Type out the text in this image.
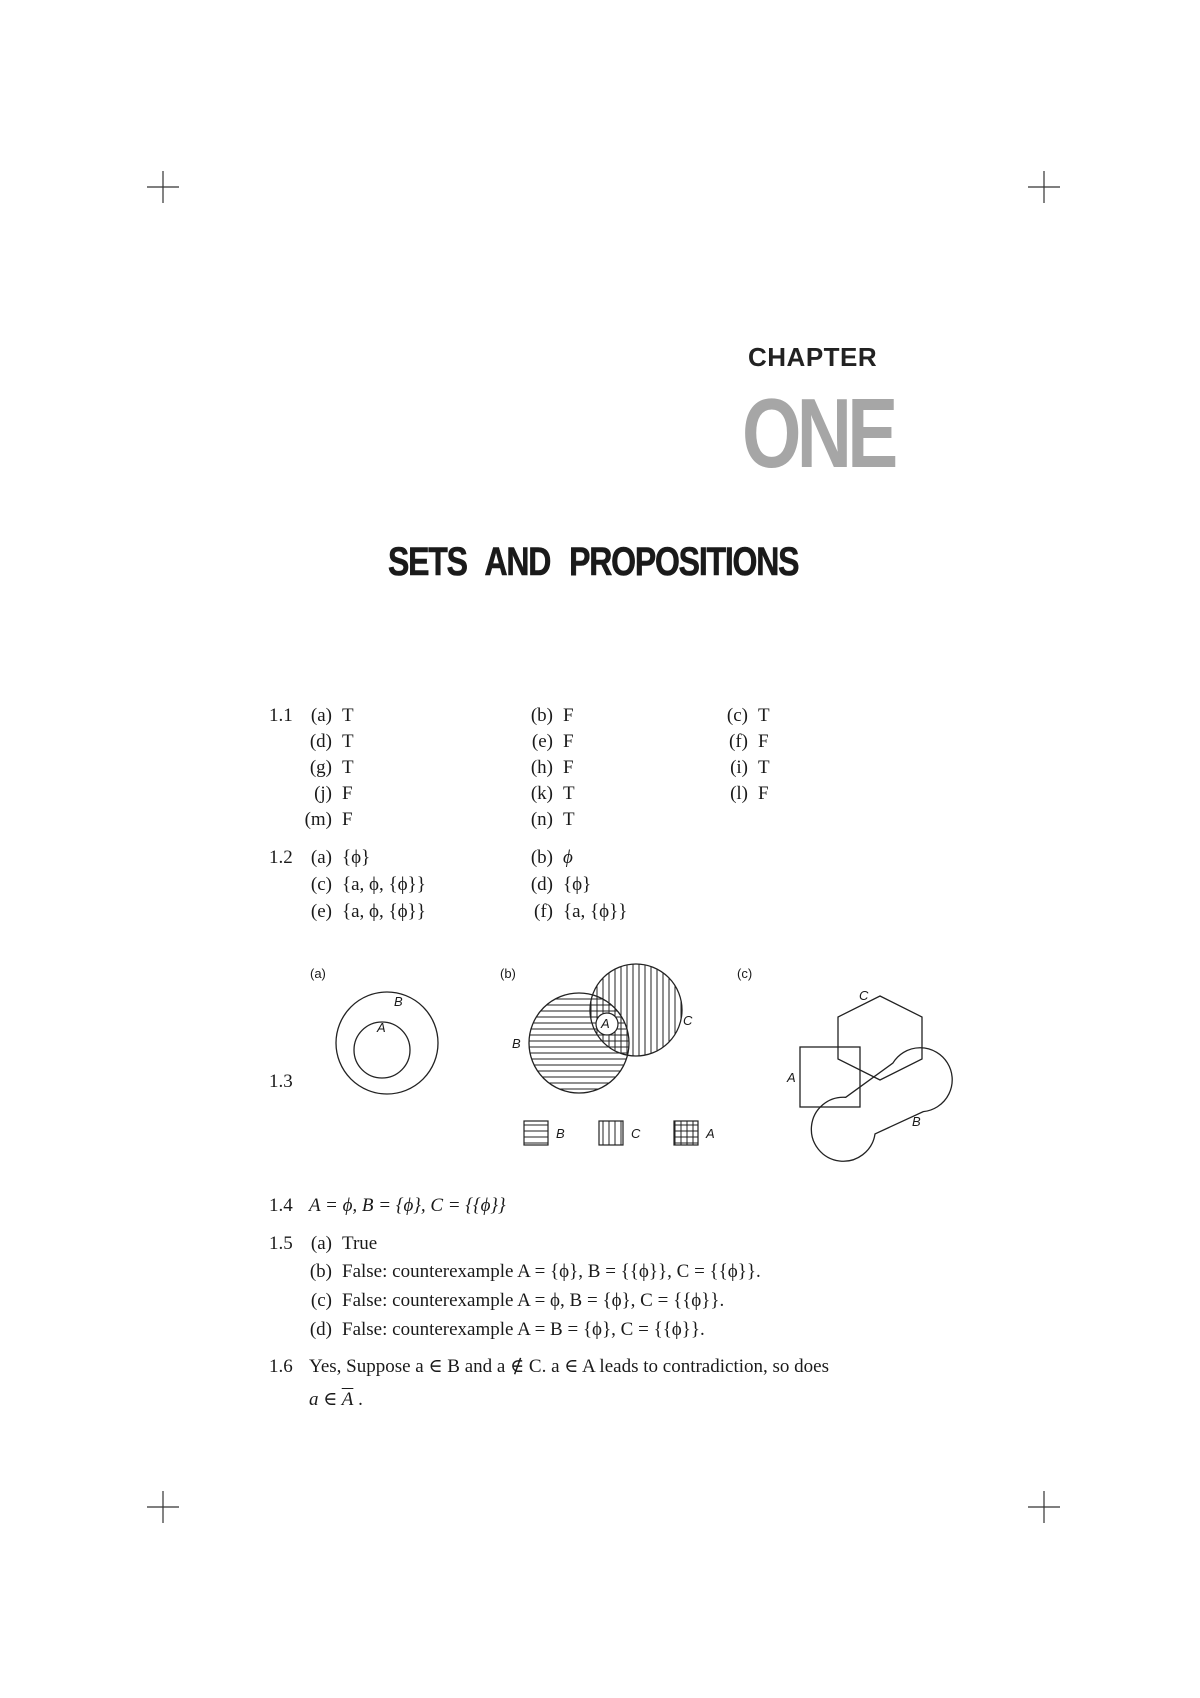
CHAPTER
ONE
SETS AND PROPOSITIONS
1.1 (a) T	(b) F	(c) T
(d) T	(e) F	(f) F
(g) T	(h) F	(i) T
(j) F	(k) T	(l) F
(m) F	(n) T
1.2 (a) {ϕ}	(b) ϕ
(c) {a, ϕ, {ϕ}}	(d) {ϕ}
(e) {a, ϕ, {ϕ}}	(f) {a, {ϕ}}
1.3
(a)	(b)	(c)
B
A	A	C
B
C
A
B
B	C	A
1.4 A = ϕ, B = {ϕ}, C = {{ϕ}}
1.5 (a) True
(b) False: counterexample A = {ϕ}, B = {{ϕ}}, C = {{ϕ}}.
(c) False: counterexample A = ϕ, B = {ϕ}, C = {{ϕ}}.
(d) False: counterexample A = B = {ϕ}, C = {{ϕ}}.
1.6 Yes, Suppose a ∈ B and a ∉ C. a ∈ A leads to contradiction, so does
a ∈ $\overline{A}$ .
